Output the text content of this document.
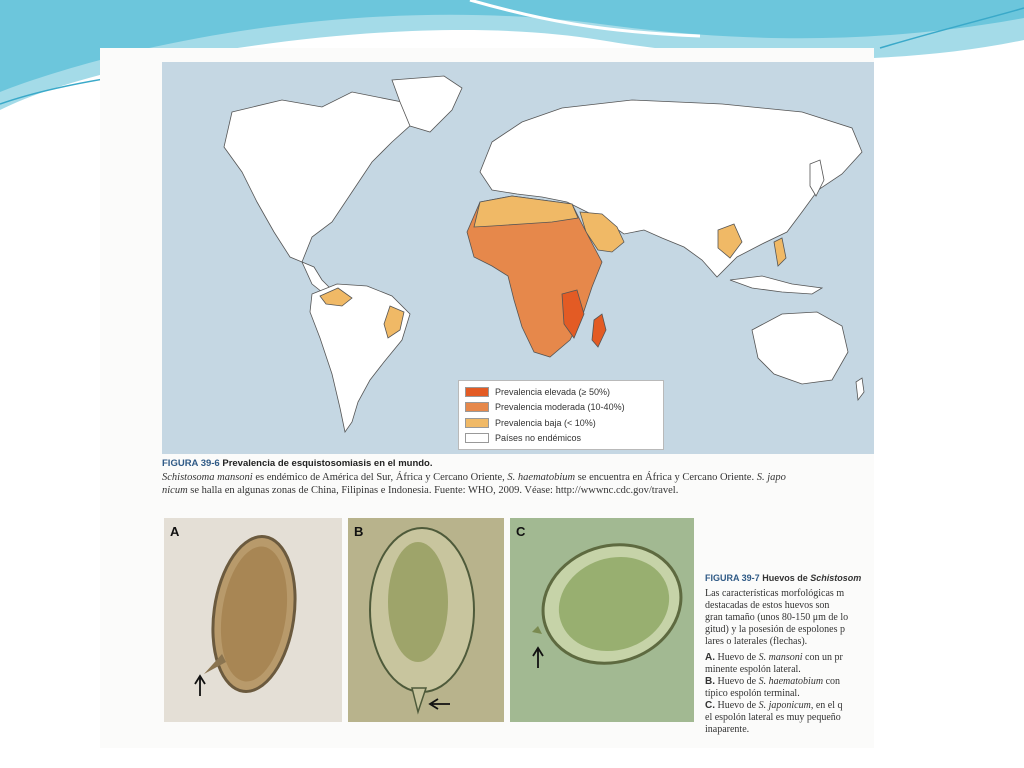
Prevalencia elevada (≥ 50%)
Prevalencia moderada (10-40%)
Prevalencia baja (< 10%)
Países no endémicos
FIGURA 39-6 Prevalencia de esquistosomiasis en el mundo.
Schistosoma mansoni es endémico de América del Sur, África y Cercano Oriente, S. haematobium se encuentra en África y Cercano Oriente. S. japo
nicum se halla en algunas zonas de China, Filipinas e Indonesia. Fuente: WHO, 2009. Véase: http://wwwnc.cdc.gov/travel.
A	B	C
FIGURA 39-7 Huevos de Schistosom
Las características morfológicas m
destacadas de estos huevos son
gran tamaño (unos 80-150 μm de lo
gitud) y la posesión de espolones p
lares o laterales (flechas).
A. Huevo de S. mansoni con un pr
minente espolón lateral.
B. Huevo de S. haematobium con
típico espolón terminal.
C. Huevo de S. japonicum, en el q
el espolón lateral es muy pequeño
inaparente.
